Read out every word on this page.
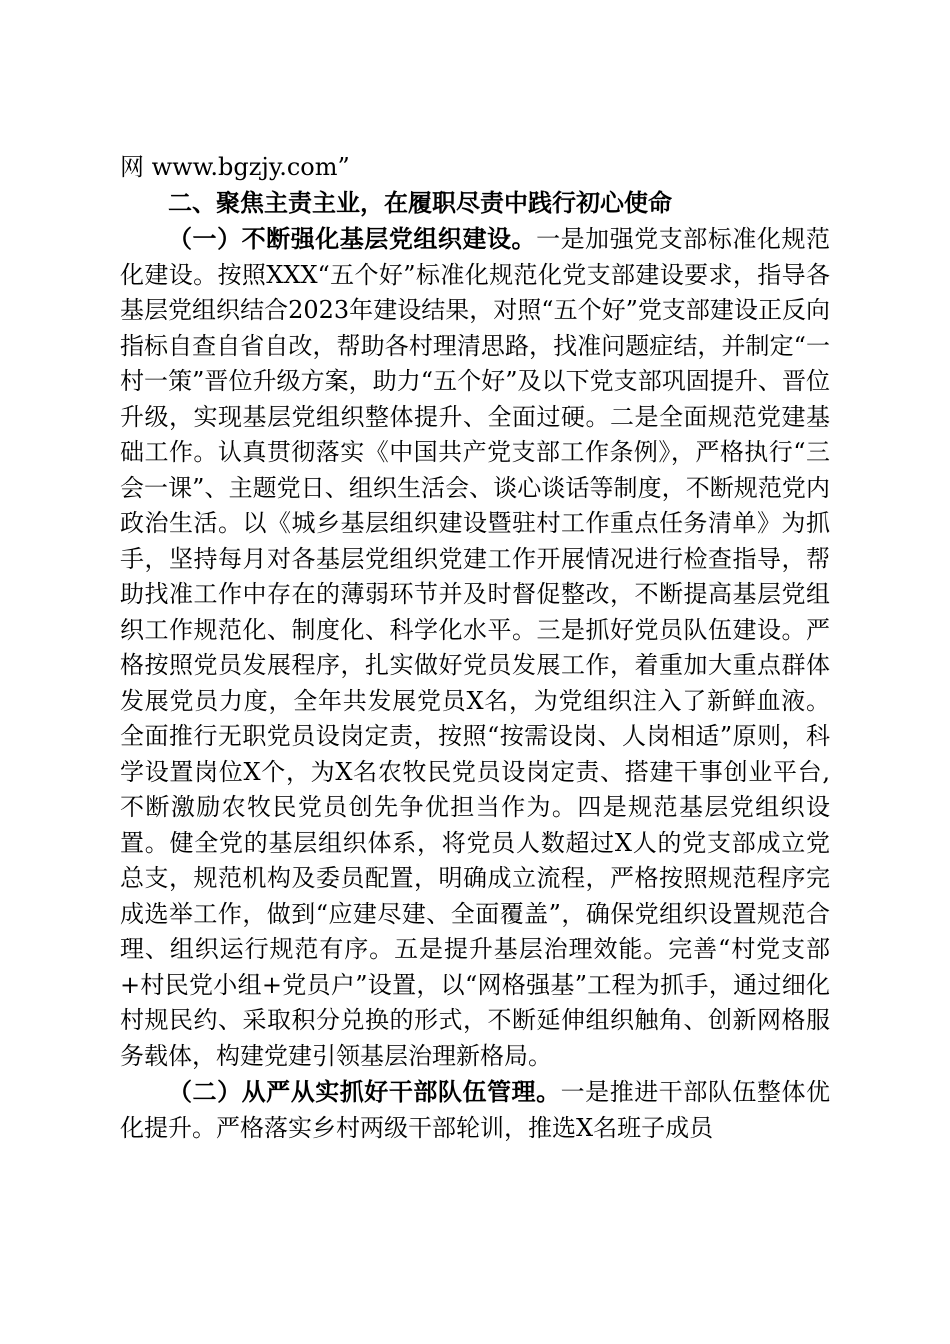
网 www.bgzjy.com”

二、聚焦主责主业，在履职尽责中践行初心使命

（一）不断强化基层党组织建设。一是加强党支部标准化规范化建设。按照XXX“五个好”标准化规范化党支部建设要求，指导各基层党组织结合2023年建设结果，对照“五个好”党支部建设正反向指标自查自省自改，帮助各村理清思路，找准问题症结，并制定“一村一策”晋位升级方案，助力“五个好”及以下党支部巩固提升、晋位升级，实现基层党组织整体提升、全面过硬。二是全面规范党建基础工作。认真贯彻落实《中国共产党支部工作条例》，严格执行“三会一课”、主题党日、组织生活会、谈心谈话等制度，不断规范党内政治生活。以《城乡基层组织建设暨驻村工作重点任务清单》为抓手，坚持每月对各基层党组织党建工作开展情况进行检查指导，帮助找准工作中存在的薄弱环节并及时督促整改，不断提高基层党组织工作规范化、制度化、科学化水平。三是抓好党员队伍建设。严格按照党员发展程序，扎实做好党员发展工作，着重加大重点群体发展党员力度，全年共发展党员X名，为党组织注入了新鲜血液。全面推行无职党员设岗定责，按照“按需设岗、人岗相适”原则，科学设置岗位X个，为X名农牧民党员设岗定责、搭建干事创业平台,不断激励农牧民党员创先争优担当作为。四是规范基层党组织设置。健全党的基层组织体系，将党员人数超过X人的党支部成立党总支，规范机构及委员配置，明确成立流程，严格按照规范程序完成选举工作，做到“应建尽建、全面覆盖”，确保党组织设置规范合理、组织运行规范有序。五是提升基层治理效能。完善“村党支部+村民党小组+党员户”设置，以“网格强基”工程为抓手，通过细化村规民约、采取积分兑换的形式，不断延伸组织触角、创新网格服务载体，构建党建引领基层治理新格局。

（二）从严从实抓好干部队伍管理。一是推进干部队伍整体优化提升。严格落实乡村两级干部轮训，推选X名班子成员
